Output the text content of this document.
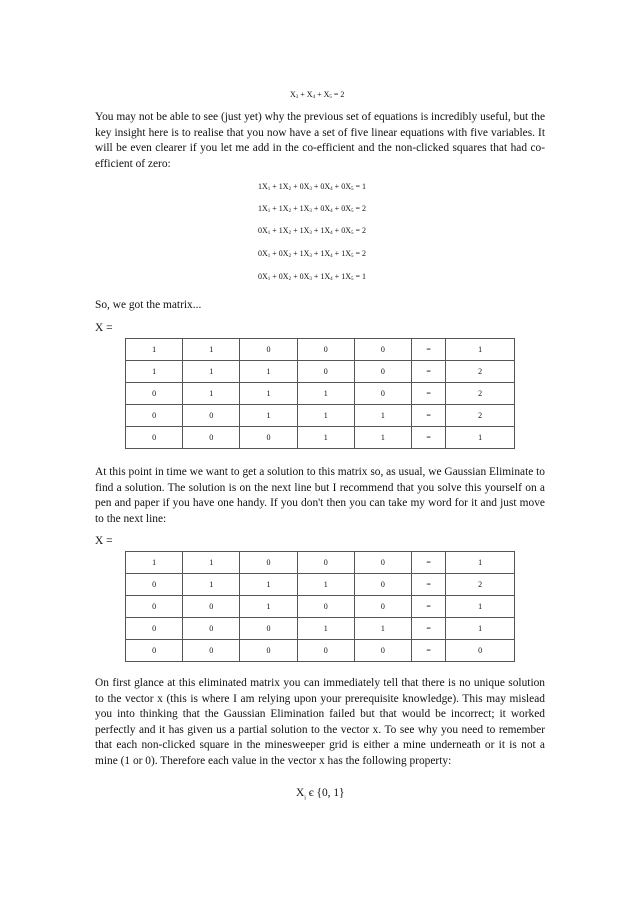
$X_3 + X_4 + X_5 = 2$

You may not be able to see (just yet) why the previous set of equations is incredibly useful, but the key insight here is to realise that you now have a set of five linear equations with five variables. It will be even clearer if you let me add in the co-efficient and the non-clicked squares that had co-efficient of zero:

$1X_1 + 1X_2 + 0X_3 + 0X_4 + 0X_5 = 1$
$1X_1 + 1X_2 + 1X_3 + 0X_4 + 0X_5 = 2$
$0X_1 + 1X_2 + 1X_3 + 1X_4 + 0X_5 = 2$
$0X_1 + 0X_2 + 1X_3 + 1X_4 + 1X_5 = 2$
$0X_1 + 0X_2 + 0X_3 + 1X_4 + 1X_5 = 1$

So, we got the matrix...

X =
1	1	0	0	0	=	1
1	1	1	0	0	=	2
0	1	1	1	0	=	2
0	0	1	1	1	=	2
0	0	0	1	1	=	1

At this point in time we want to get a solution to this matrix so, as usual, we Gaussian Eliminate to find a solution. The solution is on the next line but I recommend that you solve this yourself on a pen and paper if you have one handy. If you don't then you can take my word for it and just move to the next line:

X =
1	1	0	0	0	=	1
0	1	1	1	0	=	2
0	0	1	0	0	=	1
0	0	0	1	1	=	1
0	0	0	0	0	=	0

On first glance at this eliminated matrix you can immediately tell that there is no unique solution to the vector x (this is where I am relying upon your prerequisite knowledge). This may mislead you into thinking that the Gaussian Elimination failed but that would be incorrect; it worked perfectly and it has given us a partial solution to the vector x. To see why you need to remember that each non-clicked square in the minesweeper grid is either a mine underneath or it is not a mine (1 or 0). Therefore each value in the vector x has the following property:

$X_i$ є {0, 1}
